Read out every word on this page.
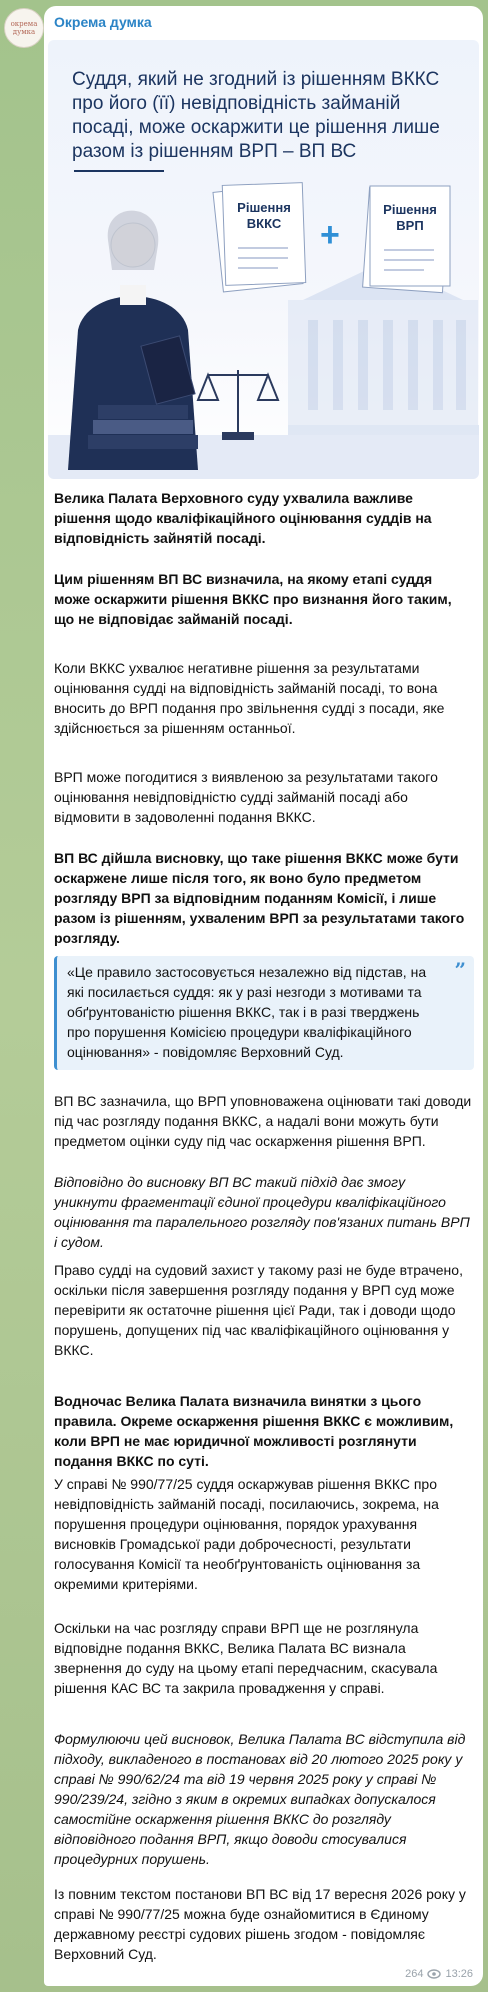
окрема
думка
Окрема думка
Суддя, який не згодний із рішенням ВККС про його (її) невідповідність займаній посаді, може оскаржити це рішення лише разом із рішенням ВРП – ВП ВС
Рішення
ВККС
Рішення
ВРП
+
Велика Палата Верховного суду ухвалила важливе рішення щодо кваліфікаційного оцінювання суддів на відповідність зайнятій посаді.
Цим рішенням ВП ВС визначила, на якому етапі суддя може оскаржити рішення ВККС про визнання його таким, що не відповідає займаній посаді.
Коли ВККС ухвалює негативне рішення за результатами оцінювання судді на відповідність займаній посаді, то вона вносить до ВРП подання про звільнення судді з посади, яке здійснюється за рішенням останньої.
ВРП може погодитися з виявленою за результатами такого оцінювання невідповідністю судді займаній посаді або відмовити в задоволенні подання ВККС.
ВП ВС дійшла висновку, що таке рішення ВККС може бути оскаржене лише після того, як воно було предметом розгляду ВРП за відповідним поданням Комісії, і лише разом із рішенням, ухваленим ВРП за результатами такого розгляду.
«Це правило застосовується незалежно від підстав, на які посилається суддя: як у разі незгоди з мотивами та обґрунтованістю рішення ВККС, так і в разі тверджень про порушення Комісією процедури кваліфікаційного оцінювання» - повідомляє Верховний Суд.
”
ВП ВС зазначила, що ВРП уповноважена оцінювати такі доводи під час розгляду подання ВККС, а надалі вони можуть бути предметом оцінки суду під час оскарження рішення ВРП.
Відповідно до висновку ВП ВС такий підхід дає змогу уникнути фрагментації єдиної процедури кваліфікаційного оцінювання та паралельного розгляду пов'язаних питань ВРП і судом.
Право судді на судовий захист у такому разі не буде втрачено, оскільки після завершення розгляду подання у ВРП суд може перевірити як остаточне рішення цієї Ради, так і доводи щодо порушень, допущених під час кваліфікаційного оцінювання у ВККС.
Водночас Велика Палата визначила винятки з цього правила. Окреме оскарження рішення ВККС є можливим, коли ВРП не має юридичної можливості розглянути подання ВККС по суті.
У справі № 990/77/25 суддя оскаржував рішення ВККС про невідповідність займаній посаді, посилаючись, зокрема, на порушення процедури оцінювання, порядок урахування висновків Громадської ради доброчесності, результати голосування Комісії та необґрунтованість оцінювання за окремими критеріями.
Оскільки на час розгляду справи ВРП ще не розглянула відповідне подання ВККС, Велика Палата ВС визнала звернення до суду на цьому етапі передчасним, скасувала рішення КАС ВС та закрила провадження у справі.
Формулюючи цей висновок, Велика Палата ВС відступила від підходу, викладеного в постановах від 20 лютого 2025 року у справі № 990/62/24 та від 19 червня 2025 року у справі № 990/239/24, згідно з яким в окремих випадках допускалося самостійне оскарження рішення ВККС до розгляду відповідного подання ВРП, якщо доводи стосувалися процедурних порушень.
Із повним текстом постанови ВП ВС від 17 вересня 2026 року у справі № 990/77/25 можна буде ознайомитися в Єдиному державному реєстрі судових рішень згодом - повідомляє Верховний Суд.
264 13:26
